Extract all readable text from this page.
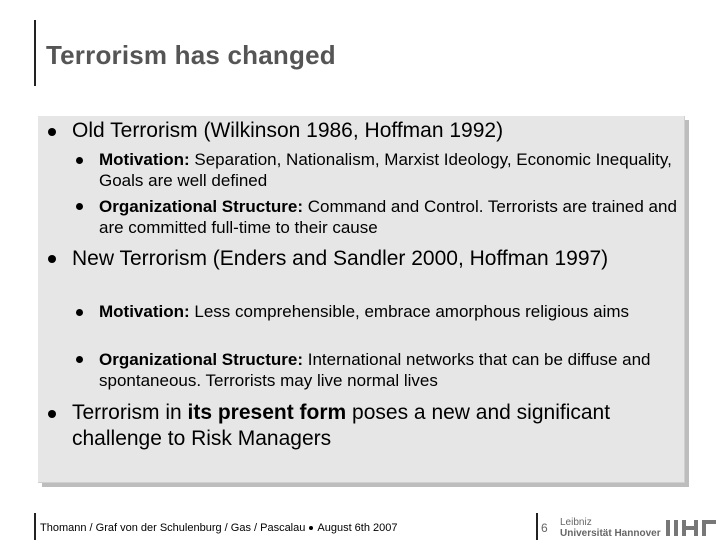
Terrorism has changed
Old Terrorism (Wilkinson 1986, Hoffman 1992)
Motivation: Separation, Nationalism, Marxist Ideology, Economic Inequality, Goals are well defined
Organizational Structure: Command and Control. Terrorists are trained and are committed full-time to their cause
New Terrorism (Enders and Sandler 2000, Hoffman 1997)
Motivation: Less comprehensible, embrace amorphous religious aims
Organizational Structure: International networks that can be diffuse and spontaneous. Terrorists may live normal lives
Terrorism in its present form poses a new and significant challenge to Risk Managers
Thomann / Graf von der Schulenburg / Gas / Pascalau August 6th 2007	6 Leibniz
Universität Hannover
